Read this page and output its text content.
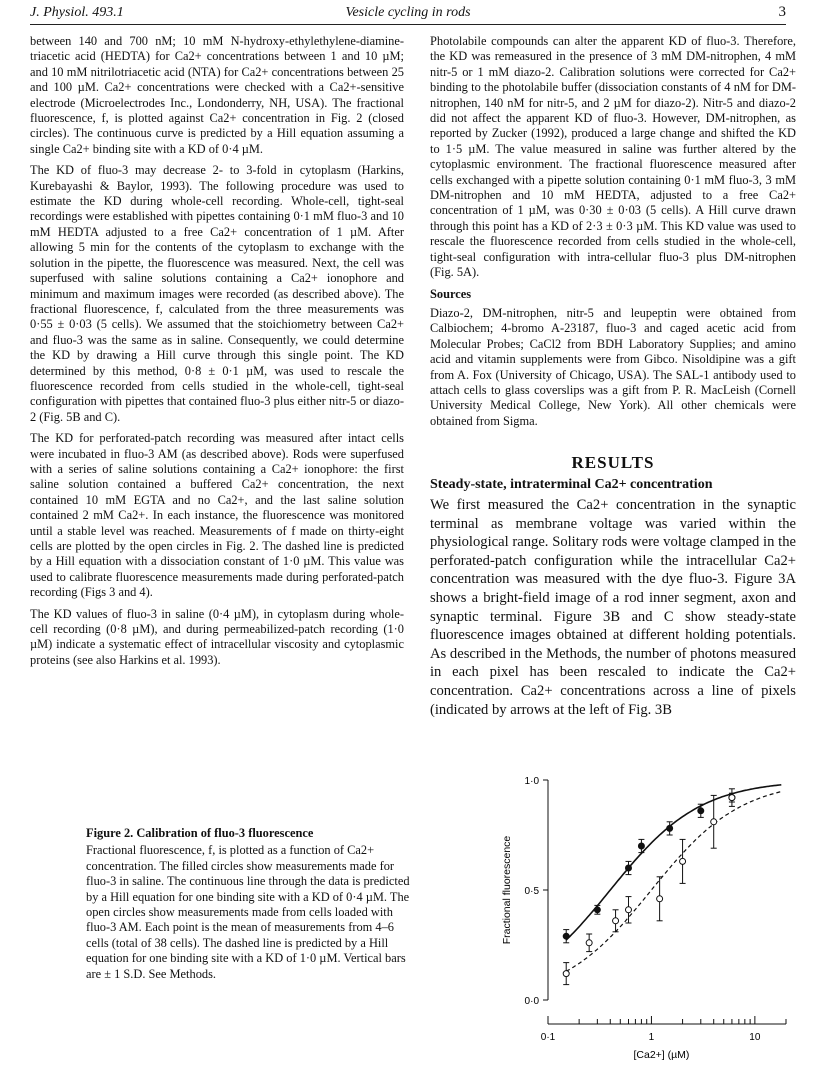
J. Physiol. 493.1	Vesicle cycling in rods	3

between 140 and 700 nM; 10 mM N-hydroxy-ethylethylene-diamine-triacetic acid (HEDTA) for Ca2+ concentrations between 1 and 10 µM; and 10 mM nitrilotriacetic acid (NTA) for Ca2+ concentrations between 25 and 100 µM. Ca2+ concentrations were checked with a Ca2+-sensitive electrode (Microelectrodes Inc., Londonderry, NH, USA). The fractional fluorescence, f, is plotted against Ca2+ concentration in Fig. 2 (closed circles). The continuous curve is predicted by a Hill equation assuming a single Ca2+ binding site with a KD of 0·4 µM.

The KD of fluo-3 may decrease 2- to 3-fold in cytoplasm (Harkins, Kurebayashi & Baylor, 1993). The following procedure was used to estimate the KD during whole-cell recording. Whole-cell, tight-seal recordings were established with pipettes containing 0·1 mM fluo-3 and 10 mM HEDTA adjusted to a free Ca2+ concentration of 1 µM. After allowing 5 min for the contents of the cytoplasm to exchange with the solution in the pipette, the fluorescence was measured. Next, the cell was superfused with saline solutions containing a Ca2+ ionophore and minimum and maximum images were recorded (as described above). The fractional fluorescence, f, calculated from the three measurements was 0·55 ± 0·03 (5 cells). We assumed that the stoichiometry between Ca2+ and fluo-3 was the same as in saline. Consequently, we could determine the KD by drawing a Hill curve through this single point. The KD determined by this method, 0·8 ± 0·1 µM, was used to rescale the fluorescence recorded from cells studied in the whole-cell, tight-seal configuration with pipettes that contained fluo-3 plus either nitr-5 or diazo-2 (Fig. 5B and C).

The KD for perforated-patch recording was measured after intact cells were incubated in fluo-3 AM (as described above). Rods were superfused with a series of saline solutions containing a Ca2+ ionophore: the first saline solution contained a buffered Ca2+ concentration, the next contained 10 mM EGTA and no Ca2+, and the last saline solution contained 2 mM Ca2+. In each instance, the fluorescence was monitored until a stable level was reached. Measurements of f made on thirty-eight cells are plotted by the open circles in Fig. 2. The dashed line is predicted by a Hill equation with a dissociation constant of 1·0 µM. This value was used to calibrate fluorescence measurements made during perforated-patch recording (Figs 3 and 4).

The KD values of fluo-3 in saline (0·4 µM), in cytoplasm during whole-cell recording (0·8 µM), and during permeabilized-patch recording (1·0 µM) indicate a systematic effect of intracellular viscosity and cytoplasmic proteins (see also Harkins et al. 1993).

Photolabile compounds can alter the apparent KD of fluo-3. Therefore, the KD was remeasured in the presence of 3 mM DM-nitrophen, 4 mM nitr-5 or 1 mM diazo-2. Calibration solutions were corrected for Ca2+ binding to the photolabile buffer (dissociation constants of 4 nM for DM-nitrophen, 140 nM for nitr-5, and 2 µM for diazo-2). Nitr-5 and diazo-2 did not affect the apparent KD of fluo-3. However, DM-nitrophen, as reported by Zucker (1992), produced a large change and shifted the KD to 1·5 µM. The value measured in saline was further altered by the cytoplasmic environment. The fractional fluorescence measured after cells exchanged with a pipette solution containing 0·1 mM fluo-3, 3 mM DM-nitrophen and 10 mM HEDTA, adjusted to a free Ca2+ concentration of 1 µM, was 0·30 ± 0·03 (5 cells). A Hill curve drawn through this point has a KD of 2·3 ± 0·3 µM. This KD value was used to rescale the fluorescence recorded from cells studied in the whole-cell, tight-seal configuration with intra-cellular fluo-3 plus DM-nitrophen (Fig. 5A).

Sources

Diazo-2, DM-nitrophen, nitr-5 and leupeptin were obtained from Calbiochem; 4-bromo A-23187, fluo-3 and caged acetic acid from Molecular Probes; CaCl2 from BDH Laboratory Supplies; and amino acid and vitamin supplements were from Gibco. Nisoldipine was a gift from A. Fox (University of Chicago, USA). The SAL-1 antibody used to attach cells to glass coverslips was a gift from P. R. MacLeish (Cornell University Medical College, New York). All other chemicals were obtained from Sigma.

RESULTS
Steady-state, intraterminal Ca2+ concentration

We first measured the Ca2+ concentration in the synaptic terminal as membrane voltage was varied within the physiological range. Solitary rods were voltage clamped in the perforated-patch configuration while the intracellular Ca2+ concentration was measured with the dye fluo-3. Figure 3A shows a bright-field image of a rod inner segment, axon and synaptic terminal. Figure 3B and C show steady-state fluorescence images obtained at different holding potentials. As described in the Methods, the number of photons measured in each pixel has been rescaled to indicate the Ca2+ concentration. Ca2+ concentrations across a line of pixels (indicated by arrows at the left of Fig. 3B

Figure 2. Calibration of fluo-3 fluorescence
Fractional fluorescence, f, is plotted as a function of Ca2+ concentration. The filled circles show measurements made for fluo-3 in saline. The continuous line through the data is predicted by a Hill equation for one binding site with a KD of 0·4 µM. The open circles show measurements made from cells loaded with fluo-3 AM. Each point is the mean of measurements from 4–6 cells (total of 38 cells). The dashed line is predicted by a Hill equation for one binding site with a KD of 1·0 µM. Vertical bars are ± 1 S.D. See Methods.
0·0
0·5
1·0
Fractional fluorescence
0·1	1	10
[Ca2+] (µM)
